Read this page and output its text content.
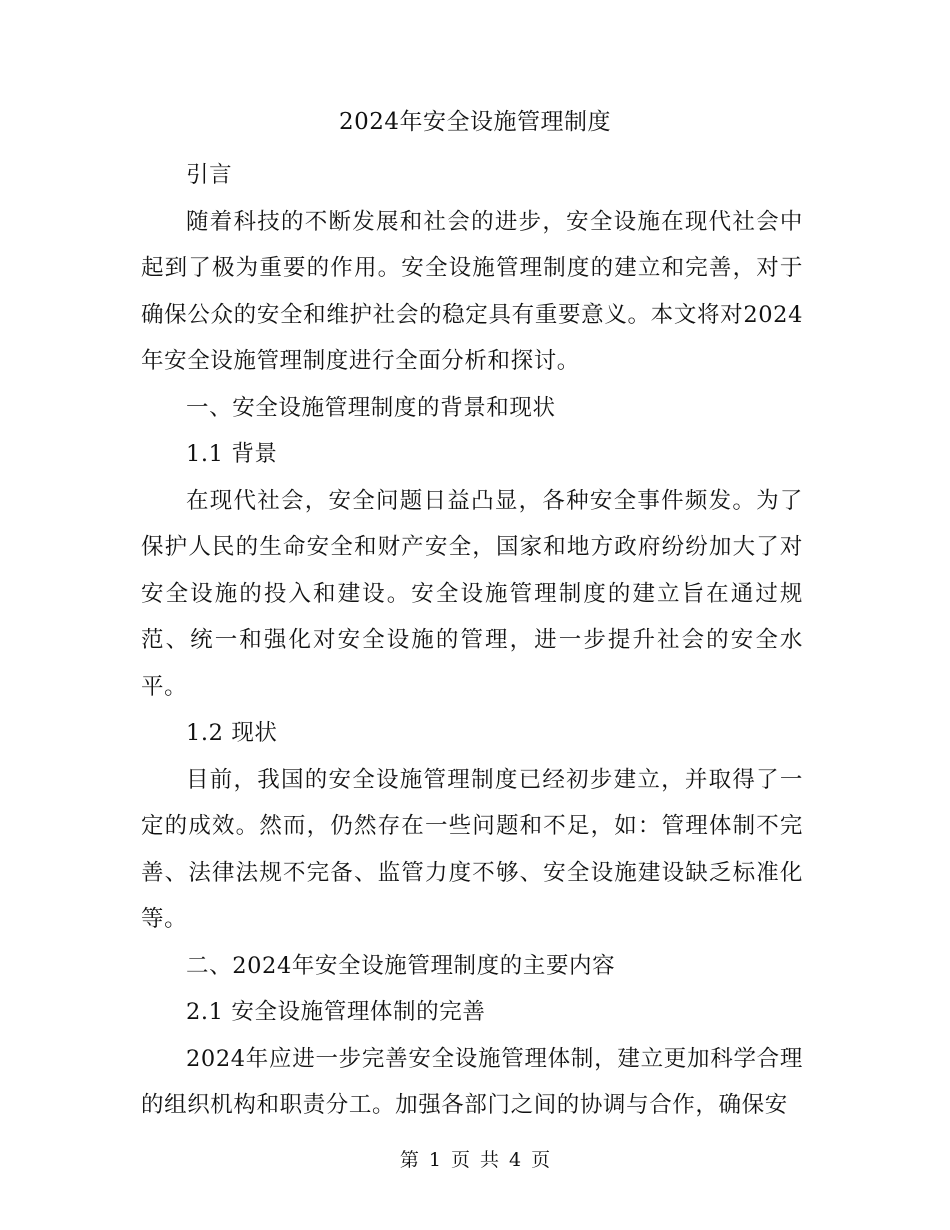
2024年安全设施管理制度

引言

随着科技的不断发展和社会的进步，安全设施在现代社会中起到了极为重要的作用。安全设施管理制度的建立和完善，对于确保公众的安全和维护社会的稳定具有重要意义。本文将对2024年安全设施管理制度进行全面分析和探讨。

一、安全设施管理制度的背景和现状

1.1 背景

在现代社会，安全问题日益凸显，各种安全事件频发。为了保护人民的生命安全和财产安全，国家和地方政府纷纷加大了对安全设施的投入和建设。安全设施管理制度的建立旨在通过规范、统一和强化对安全设施的管理，进一步提升社会的安全水平。

1.2 现状

目前，我国的安全设施管理制度已经初步建立，并取得了一定的成效。然而，仍然存在一些问题和不足，如：管理体制不完善、法律法规不完备、监管力度不够、安全设施建设缺乏标准化等。

二、2024年安全设施管理制度的主要内容

2.1 安全设施管理体制的完善

2024年应进一步完善安全设施管理体制，建立更加科学合理的组织机构和职责分工。加强各部门之间的协调与合作，确保安

第 1 页 共 4 页
